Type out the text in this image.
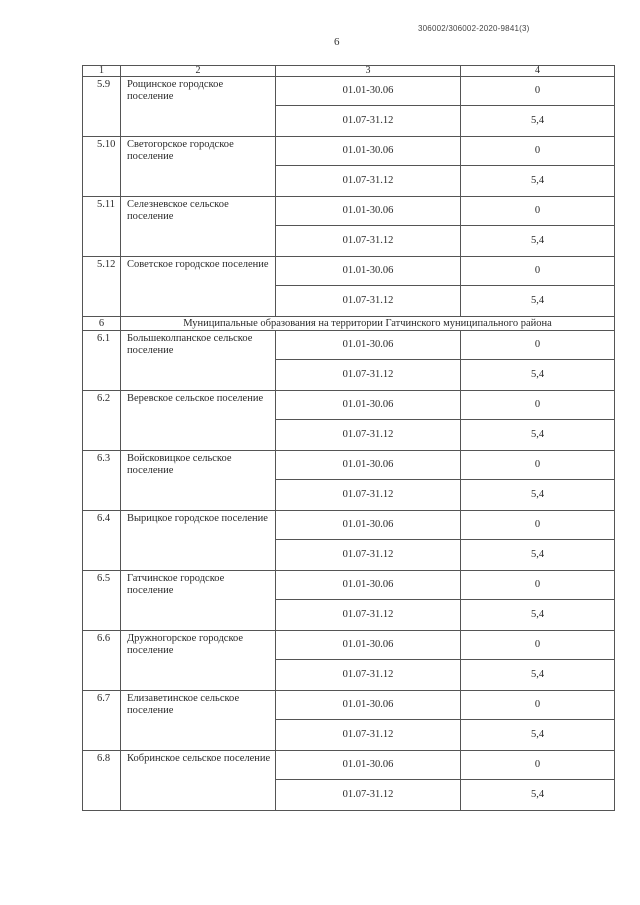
306002/306002-2020-9841(3)
6
1	2	3	4
5.9	Рощинское городское поселение	01.01-30.06	0
		01.07-31.12	5,4
5.10	Светогорское городское поселение	01.01-30.06	0
		01.07-31.12	5,4
5.11	Селезневское сельское поселение	01.01-30.06	0
		01.07-31.12	5,4
5.12	Советское городское поселение	01.01-30.06	0
		01.07-31.12	5,4
6	Муниципальные образования на территории Гатчинского муниципального района		
6.1	Большеколпанское сельское поселение	01.01-30.06	0
		01.07-31.12	5,4
6.2	Веревское сельское поселение	01.01-30.06	0
		01.07-31.12	5,4
6.3	Войсковицкое сельское поселение	01.01-30.06	0
		01.07-31.12	5,4
6.4	Вырицкое городское поселение	01.01-30.06	0
		01.07-31.12	5,4
6.5	Гатчинское городское поселение	01.01-30.06	0
		01.07-31.12	5,4
6.6	Дружногорское городское поселение	01.01-30.06	0
		01.07-31.12	5,4
6.7	Елизаветинское сельское поселение	01.01-30.06	0
		01.07-31.12	5,4
6.8	Кобринское сельское поселение	01.01-30.06	0
		01.07-31.12	5,4
